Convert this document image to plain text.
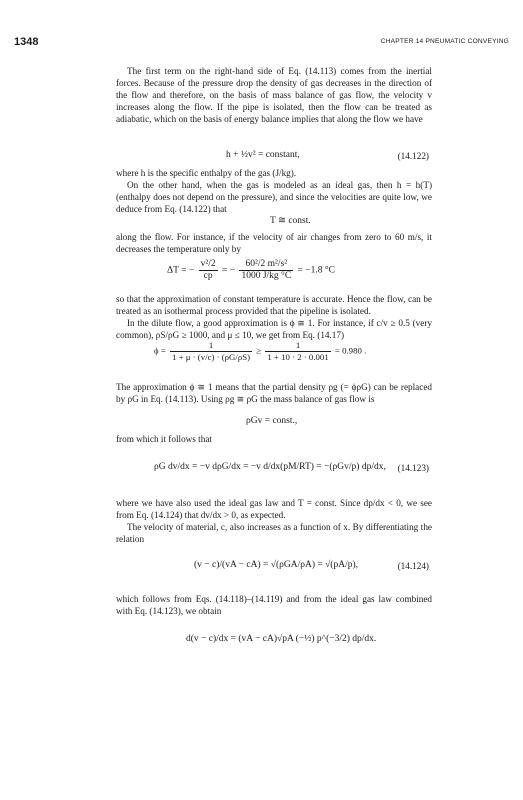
1348	CHAPTER 14 PNEUMATIC CONVEYING

The first term on the right-hand side of Eq. (14.113) comes from the inertial forces. Because of the pressure drop the density of gas decreases in the direction of the flow and therefore, on the basis of mass balance of gas flow, the velocity v increases along the flow. If the pipe is isolated, then the flow can be treated as adiabatic, which on the basis of energy balance implies that along the flow we have

h + ½v² = constant,	(14.122)

where h is the specific enthalpy of the gas (J/kg).

On the other hand, when the gas is modeled as an ideal gas, then h = h(T) (enthalpy does not depend on the pressure), and since the velocities are quite low, we deduce from Eq. (14.122) that

T ≅ const.

along the flow. For instance, if the velocity of air changes from zero to 60 m/s, it decreases the temperature only by

ΔT = − $\frac{\text{v²/2}}{cp}$ = − $\frac{\text{60²/2 m²/s²}}{1000 J/kg ^\circ C} = -1.8$ °C

so that the approximation of constant temperature is accurate. Hence the flow, can be treated as an isothermal process provided that the pipeline is isolated.

In the dilute flow, a good approximation is ϕ ≅ 1. For instance, if c/v ≥ 0.5 (very common), ρS/ρG ≥ 1000, and μ ≤ 10, we get from Eq. (14.17)

$\phi = \frac{1}{1 + \mu \cdot (v/c) \cdot (\rho G/\rho S)} \ge \frac{1}{1 + 10 \cdot 2 \cdot 0.001} = 0.980$ .

The approximation ϕ ≅ 1 means that the partial density ρg (= ϕρG) can be replaced by ρG in Eq. (14.113). Using ρg ≅ ρG the mass balance of gas flow is

ρGv = const.,

from which it follows that

ρG dv/dx = −v dρG/dx = −v d/dx(pM/RT) = −(ρGv/p) dp/dx, (14.123)

where we have also used the ideal gas law and T = const. Since dp/dx < 0, we see from Eq. (14.124) that dv/dx > 0, as expected.

The velocity of material, c, also increases as a function of x. By differentiating the relation

(v − c)/(vA − cA) = √(ρGA/ρA) = √(pA/p),	(14.124)

which follows from Eqs. (14.118)–(14.119) and from the ideal gas law combined with Eq. (14.123), we obtain

d(v − c)/dx = (vA − cA)√pA (−½) p^(−3/2) dp/dx.
